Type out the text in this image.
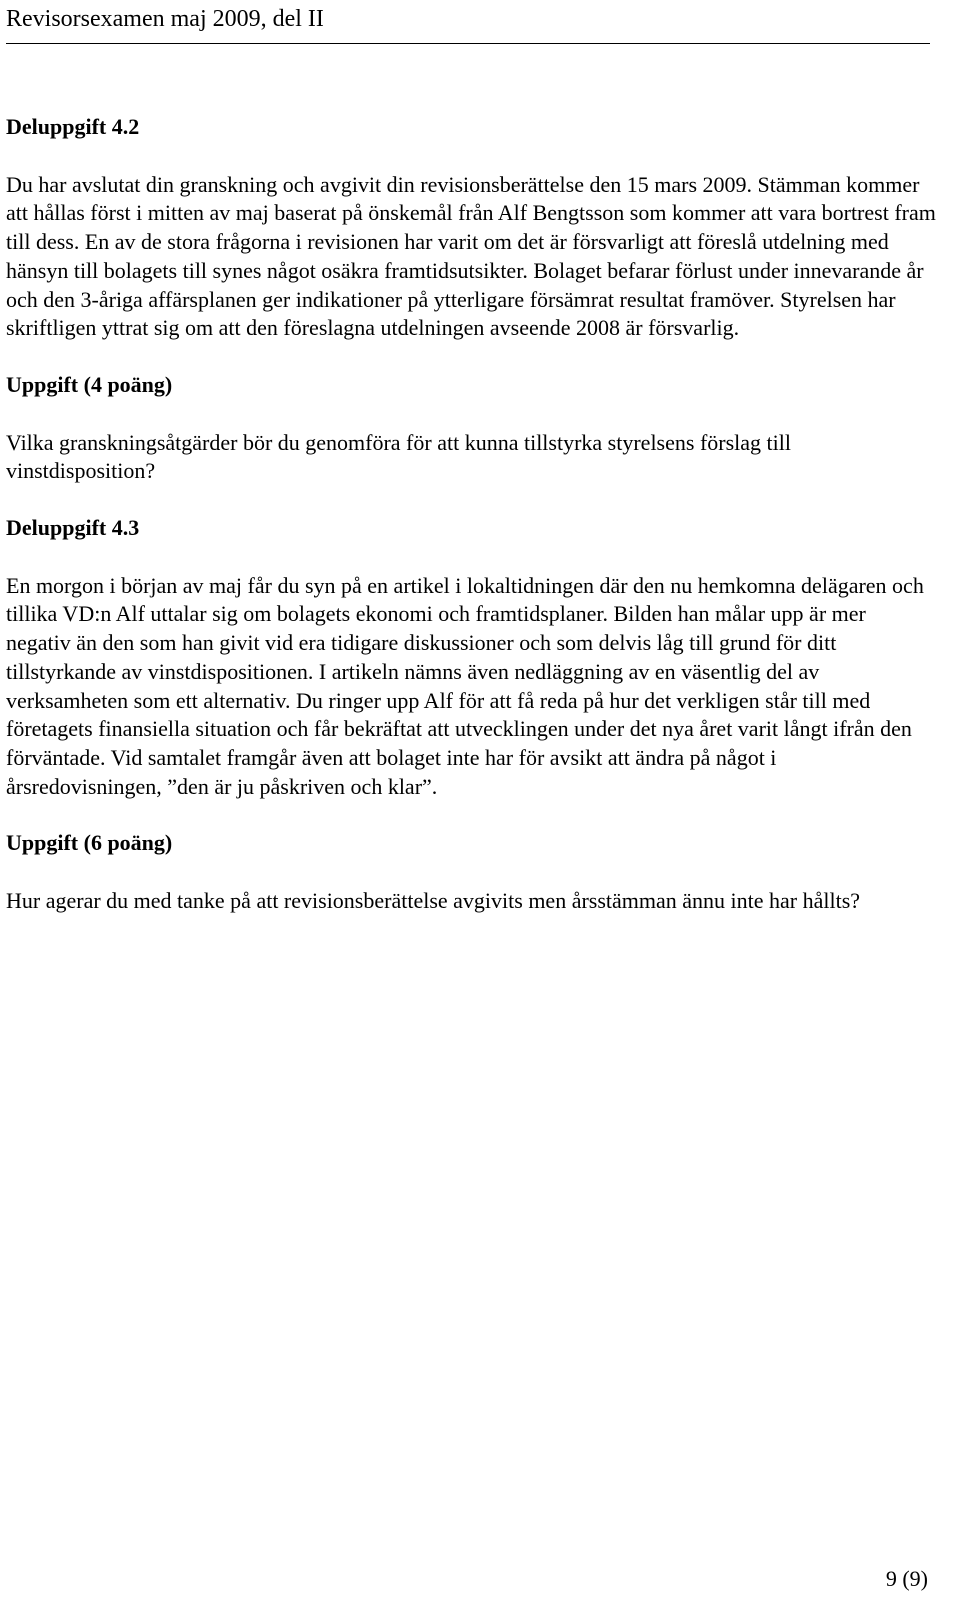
Revisorsexamen maj 2009, del II

Deluppgift 4.2

Du har avslutat din granskning och avgivit din revisionsberättelse den 15 mars 2009. Stämman kommer att hållas först i mitten av maj baserat på önskemål från Alf Bengtsson som kommer att vara bortrest fram till dess. En av de stora frågorna i revisionen har varit om det är försvarligt att föreslå utdelning med hänsyn till bolagets till synes något osäkra framtidsutsikter. Bolaget befarar förlust under innevarande år och den 3-åriga affärsplanen ger indikationer på ytterligare försämrat resultat framöver. Styrelsen har skriftligen yttrat sig om att den föreslagna utdelningen avseende 2008 är försvarlig.

Uppgift (4 poäng)

Vilka granskningsåtgärder bör du genomföra för att kunna tillstyrka styrelsens förslag till vinstdisposition?

Deluppgift 4.3

En morgon i början av maj får du syn på en artikel i lokaltidningen där den nu hemkomna delägaren och tillika VD:n Alf uttalar sig om bolagets ekonomi och framtidsplaner. Bilden han målar upp är mer negativ än den som han givit vid era tidigare diskussioner och som delvis låg till grund för ditt tillstyrkande av vinstdispositionen. I artikeln nämns även nedläggning av en väsentlig del av verksamheten som ett alternativ. Du ringer upp Alf för att få reda på hur det verkligen står till med företagets finansiella situation och får bekräftat att utvecklingen under det nya året varit långt ifrån den förväntade. Vid samtalet framgår även att bolaget inte har för avsikt att ändra på något i årsredovisningen, ”den är ju påskriven och klar”.

Uppgift (6 poäng)

Hur agerar du med tanke på att revisionsberättelse avgivits men årsstämman ännu inte har hållts?

9 (9)
